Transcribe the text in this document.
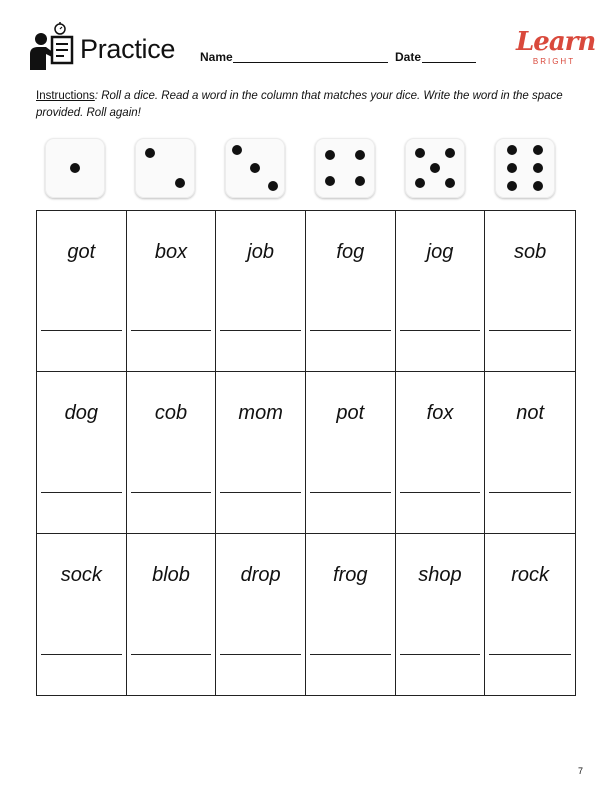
Practice Name	Date	Learn
BRIGHT
Instructions: Roll a dice. Read a word in the column that matches your dice. Write the word in the space provided. Roll again!
got	box	job	fog	jog	sob
dog	cob	mom	pot	fox	not
sock	blob	drop	frog	shop	rock
7
